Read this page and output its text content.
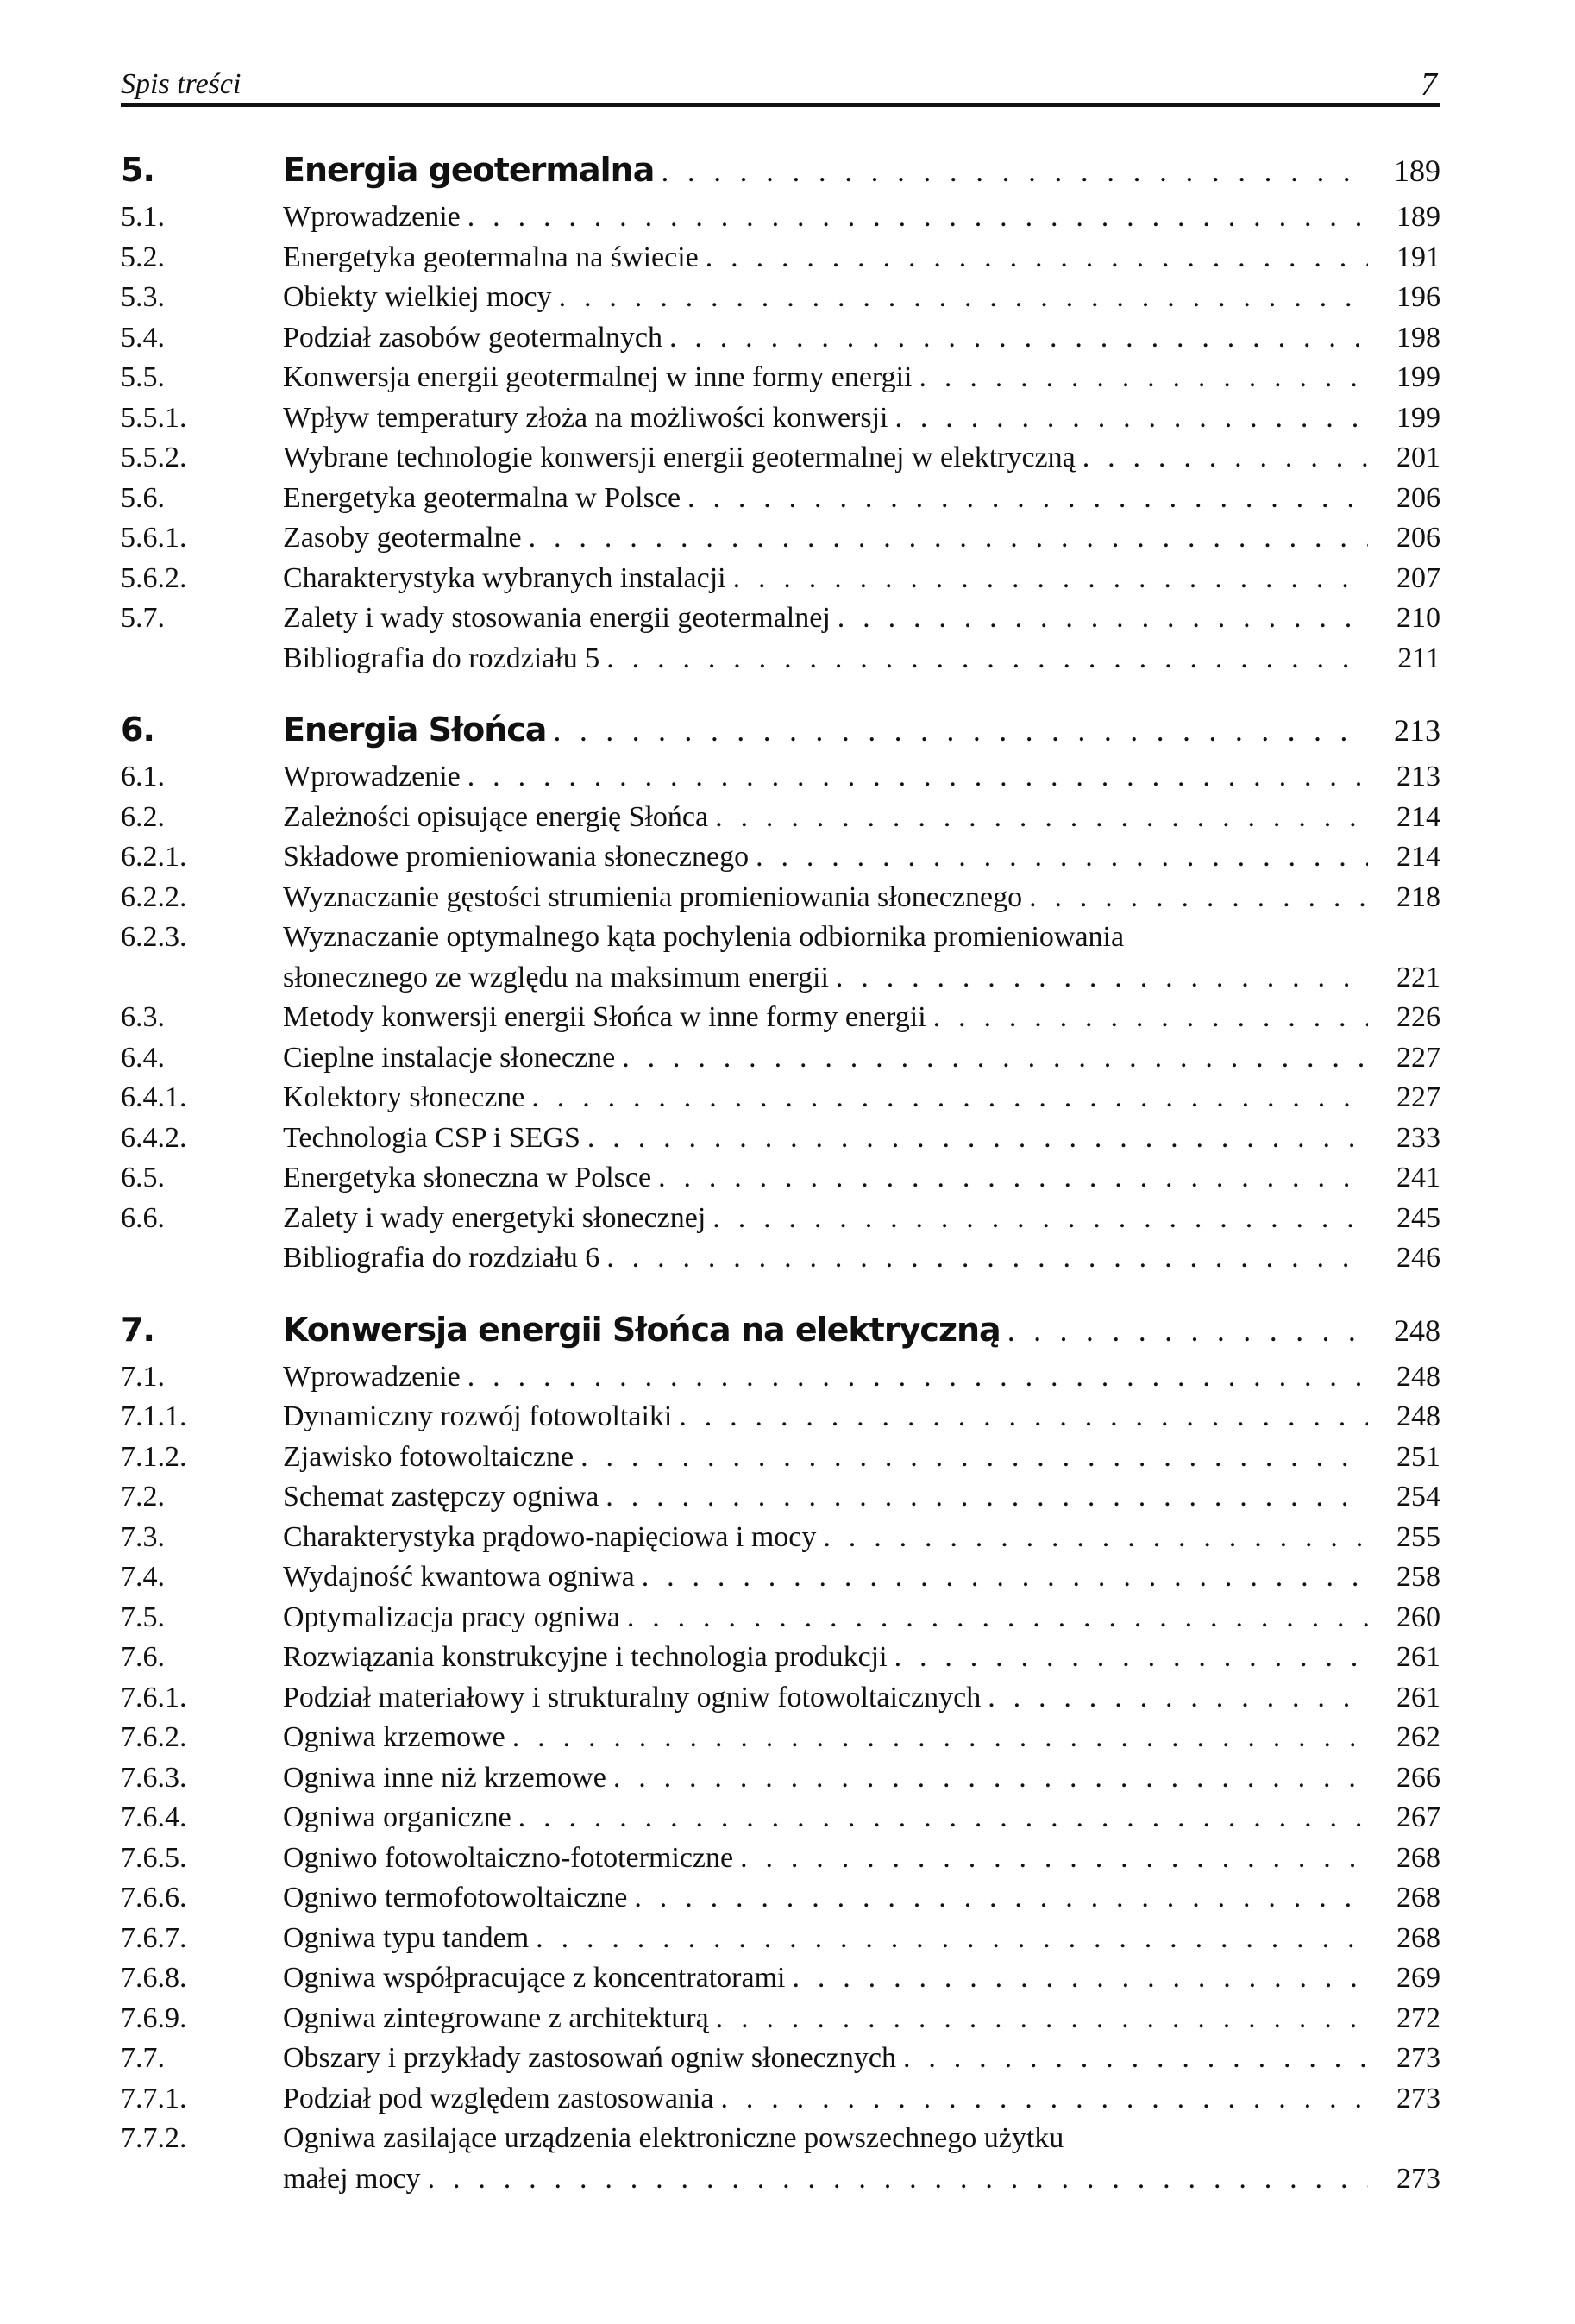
Spis treści	7
5.	Energia geotermalna . . .	189
5.1.	Wprowadzenie . . .	189
5.2.	Energetyka geotermalna na świecie . . .	191
5.3.	Obiekty wielkiej mocy . . .	196
5.4.	Podział zasobów geotermalnych . . .	198
5.5.	Konwersja energii geotermalnej w inne formy energii . . .	199
5.5.1.	Wpływ temperatury złoża na możliwości konwersji . . .	199
5.5.2.	Wybrane technologie konwersji energii geotermalnej w elektryczną . . .	201
5.6.	Energetyka geotermalna w Polsce . . .	206
5.6.1.	Zasoby geotermalne . . .	206
5.6.2.	Charakterystyka wybranych instalacji . . .	207
5.7.	Zalety i wady stosowania energii geotermalnej . . .	210
Bibliografia do rozdziału 5 . . .	211
6.	Energia Słońca . . .	213
6.1.	Wprowadzenie . . .	213
6.2.	Zależności opisujące energię Słońca . . .	214
6.2.1.	Składowe promieniowania słonecznego . . .	214
6.2.2.	Wyznaczanie gęstości strumienia promieniowania słonecznego . . .	218
6.2.3.	Wyznaczanie optymalnego kąta pochylenia odbiornika promieniowania
słonecznego ze względu na maksimum energii . . .	221
6.3.	Metody konwersji energii Słońca w inne formy energii . . .	226
6.4.	Cieplne instalacje słoneczne . . .	227
6.4.1.	Kolektory słoneczne . . .	227
6.4.2.	Technologia CSP i SEGS . . .	233
6.5.	Energetyka słoneczna w Polsce . . .	241
6.6.	Zalety i wady energetyki słonecznej . . .	245
Bibliografia do rozdziału 6 . . .	246
7.	Konwersja energii Słońca na elektryczną . . .	248
7.1.	Wprowadzenie . . .	248
7.1.1.	Dynamiczny rozwój fotowoltaiki . . .	248
7.1.2.	Zjawisko fotowoltaiczne . . .	251
7.2.	Schemat zastępczy ogniwa . . .	254
7.3.	Charakterystyka prądowo-napięciowa i mocy . . .	255
7.4.	Wydajność kwantowa ogniwa . . .	258
7.5.	Optymalizacja pracy ogniwa . . .	260
7.6.	Rozwiązania konstrukcyjne i technologia produkcji . . .	261
7.6.1.	Podział materiałowy i strukturalny ogniw fotowoltaicznych . . .	261
7.6.2.	Ogniwa krzemowe . . .	262
7.6.3.	Ogniwa inne niż krzemowe . . .	266
7.6.4.	Ogniwa organiczne . . .	267
7.6.5.	Ogniwo fotowoltaiczno-fototermiczne . . .	268
7.6.6.	Ogniwo termofotowoltaiczne . . .	268
7.6.7.	Ogniwa typu tandem . . .	268
7.6.8.	Ogniwa współpracujące z koncentratorami . . .	269
7.6.9.	Ogniwa zintegrowane z architekturą . . .	272
7.7.	Obszary i przykłady zastosowań ogniw słonecznych . . .	273
7.7.1.	Podział pod względem zastosowania . . .	273
7.7.2.	Ogniwa zasilające urządzenia elektroniczne powszechnego użytku
małej mocy . . .	273
